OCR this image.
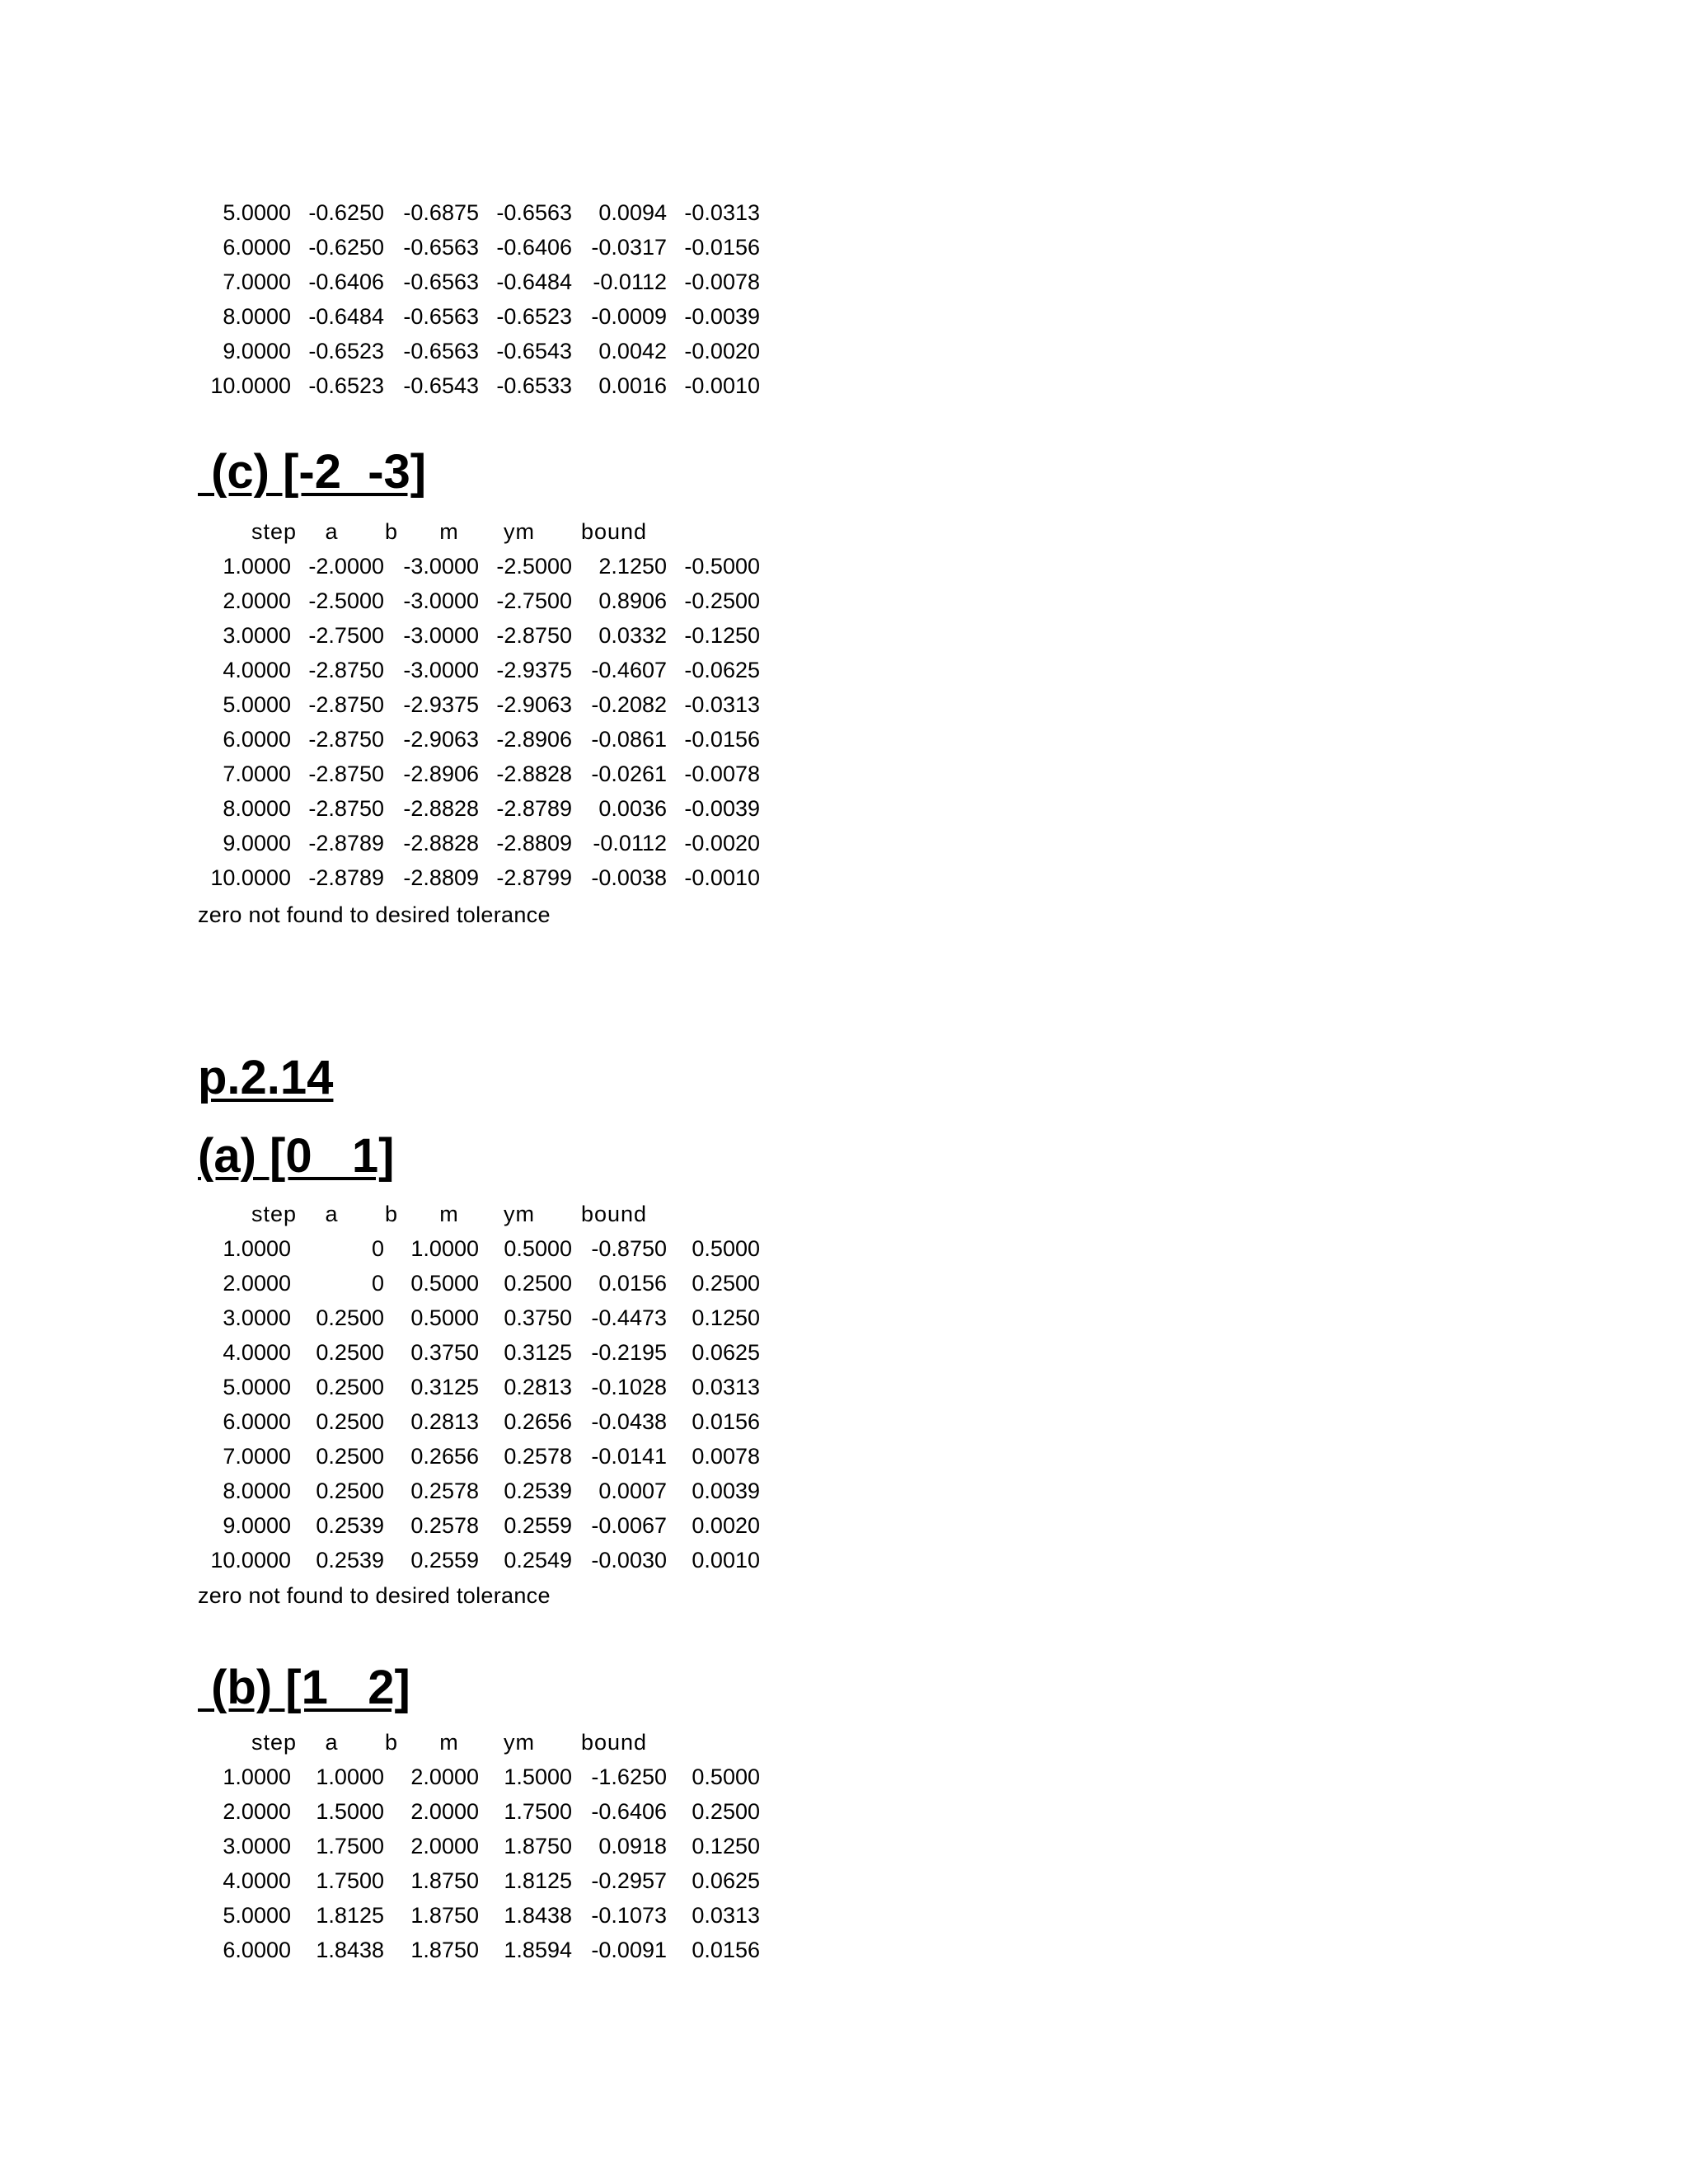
5.0000 -0.6250 -0.6875 -0.6563 0.0094 -0.0313
6.0000 -0.6250 -0.6563 -0.6406 -0.0317 -0.0156
7.0000 -0.6406 -0.6563 -0.6484 -0.0112 -0.0078
8.0000 -0.6484 -0.6563 -0.6523 -0.0009 -0.0039
9.0000 -0.6523 -0.6563 -0.6543 0.0042 -0.0020
10.0000 -0.6523 -0.6543 -0.6533 0.0016 -0.0010
(c) [-2  -3]
step a b m ym bound
1.0000 -2.0000 -3.0000 -2.5000 2.1250 -0.5000
2.0000 -2.5000 -3.0000 -2.7500 0.8906 -0.2500
3.0000 -2.7500 -3.0000 -2.8750 0.0332 -0.1250
4.0000 -2.8750 -3.0000 -2.9375 -0.4607 -0.0625
5.0000 -2.8750 -2.9375 -2.9063 -0.2082 -0.0313
6.0000 -2.8750 -2.9063 -2.8906 -0.0861 -0.0156
7.0000 -2.8750 -2.8906 -2.8828 -0.0261 -0.0078
8.0000 -2.8750 -2.8828 -2.8789 0.0036 -0.0039
9.0000 -2.8789 -2.8828 -2.8809 -0.0112 -0.0020
10.0000 -2.8789 -2.8809 -2.8799 -0.0038 -0.0010
zero not found to desired tolerance
p.2.14
(a) [0   1]
step a b m ym bound
1.0000	0 1.0000 0.5000 -0.8750 0.5000
2.0000	0 0.5000 0.2500 0.0156 0.2500
3.0000 0.2500 0.5000 0.3750 -0.4473 0.1250
4.0000 0.2500 0.3750 0.3125 -0.2195 0.0625
5.0000 0.2500 0.3125 0.2813 -0.1028 0.0313
6.0000 0.2500 0.2813 0.2656 -0.0438 0.0156
7.0000 0.2500 0.2656 0.2578 -0.0141 0.0078
8.0000 0.2500 0.2578 0.2539 0.0007 0.0039
9.0000 0.2539 0.2578 0.2559 -0.0067 0.0020
10.0000 0.2539 0.2559 0.2549 -0.0030 0.0010
zero not found to desired tolerance
(b) [1   2]
step a b m ym bound
1.0000 1.0000 2.0000 1.5000 -1.6250 0.5000
2.0000 1.5000 2.0000 1.7500 -0.6406 0.2500
3.0000 1.7500 2.0000 1.8750 0.0918 0.1250
4.0000 1.7500 1.8750 1.8125 -0.2957 0.0625
5.0000 1.8125 1.8750 1.8438 -0.1073 0.0313
6.0000 1.8438 1.8750 1.8594 -0.0091 0.0156
